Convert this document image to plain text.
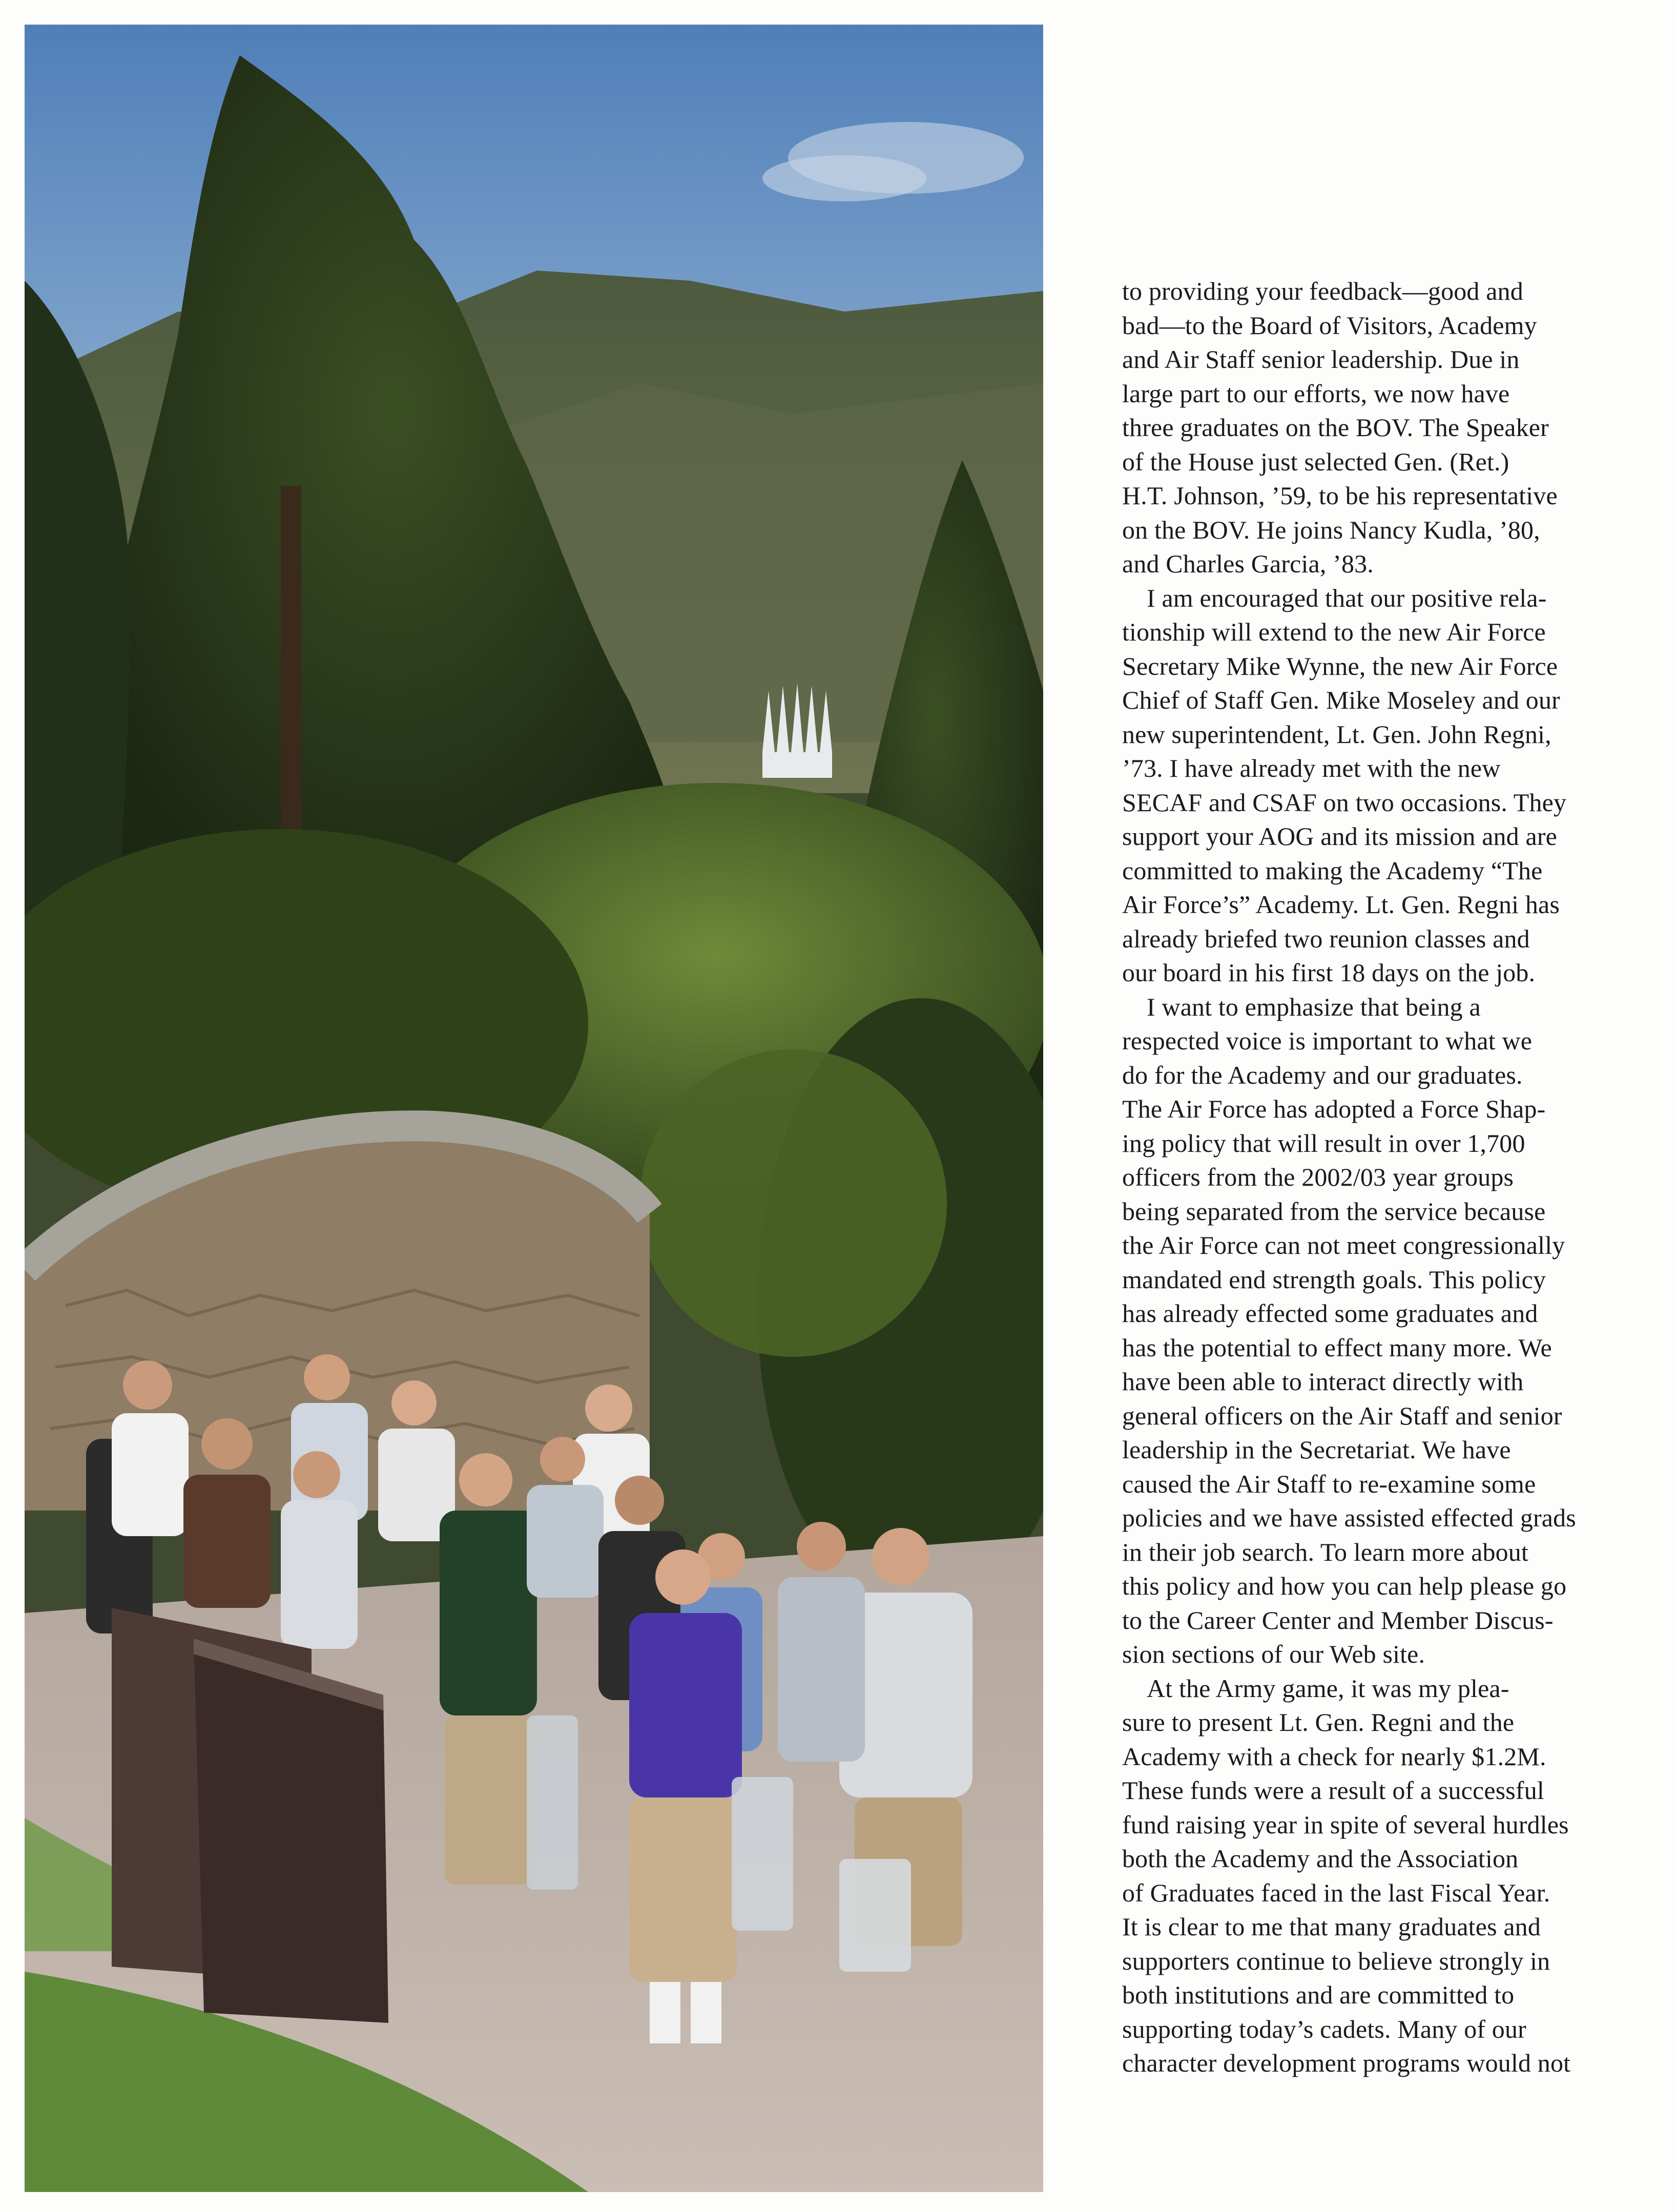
to providing your feedback—good and
bad—to the Board of Visitors, Academy
and Air Staff senior leadership. Due in
large part to our efforts, we now have
three graduates on the BOV. The Speaker
of the House just selected Gen. (Ret.)
H.T. Johnson, ’59, to be his representative
on the BOV. He joins Nancy Kudla, ’80,
and Charles Garcia, ’83.
I am encouraged that our positive rela-
tionship will extend to the new Air Force
Secretary Mike Wynne, the new Air Force
Chief of Staff Gen. Mike Moseley and our
new superintendent, Lt. Gen. John Regni,
’73. I have already met with the new
SECAF and CSAF on two occasions. They
support your AOG and its mission and are
committed to making the Academy “The
Air Force’s” Academy. Lt. Gen. Regni has
already briefed two reunion classes and
our board in his first 18 days on the job.
I want to emphasize that being a
respected voice is important to what we
do for the Academy and our graduates.
The Air Force has adopted a Force Shap-
ing policy that will result in over 1,700
officers from the 2002/03 year groups
being separated from the service because
the Air Force can not meet congressionally
mandated end strength goals. This policy
has already effected some graduates and
has the potential to effect many more. We
have been able to interact directly with
general officers on the Air Staff and senior
leadership in the Secretariat. We have
caused the Air Staff to re-examine some
policies and we have assisted effected grads
in their job search. To learn more about
this policy and how you can help please go
to the Career Center and Member Discus-
sion sections of our Web site.
At the Army game, it was my plea-
sure to present Lt. Gen. Regni and the
Academy with a check for nearly $1.2M.
These funds were a result of a successful
fund raising year in spite of several hurdles
both the Academy and the Association
of Graduates faced in the last Fiscal Year.
It is clear to me that many graduates and
supporters continue to believe strongly in
both institutions and are committed to
supporting today’s cadets. Many of our
character development programs would not
